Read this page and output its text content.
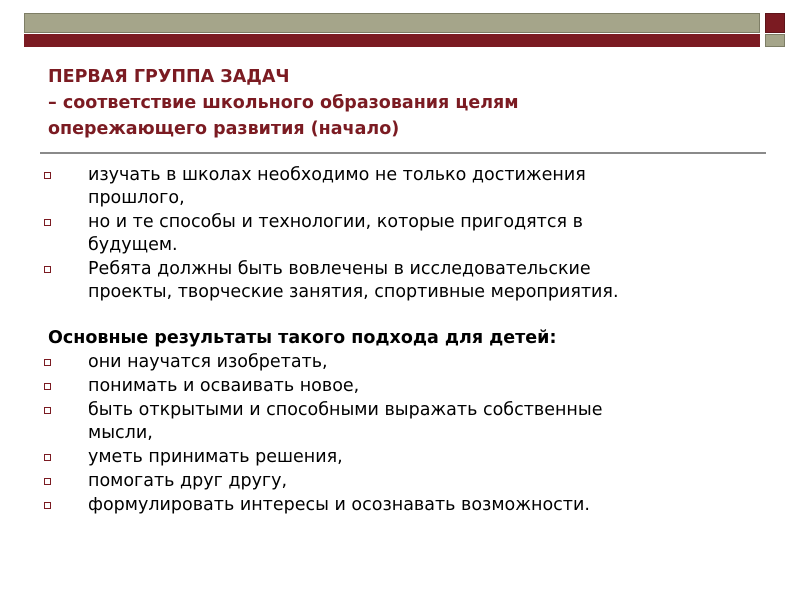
ПЕРВАЯ ГРУППА ЗАДАЧ
– соответствие школьного образования целям
опережающего развития (начало)
изучать в школах необходимо не только достижения
прошлого,
но и те способы и технологии, которые пригодятся в
будущем.
Ребята должны быть вовлечены в исследовательские
проекты, творческие занятия, спортивные мероприятия.
Основные результаты такого подхода для детей:
они научатся изобретать,
понимать и осваивать новое,
быть открытыми и способными выражать собственные
мысли,
уметь принимать решения,
помогать друг другу,
формулировать интересы и осознавать возможности.
